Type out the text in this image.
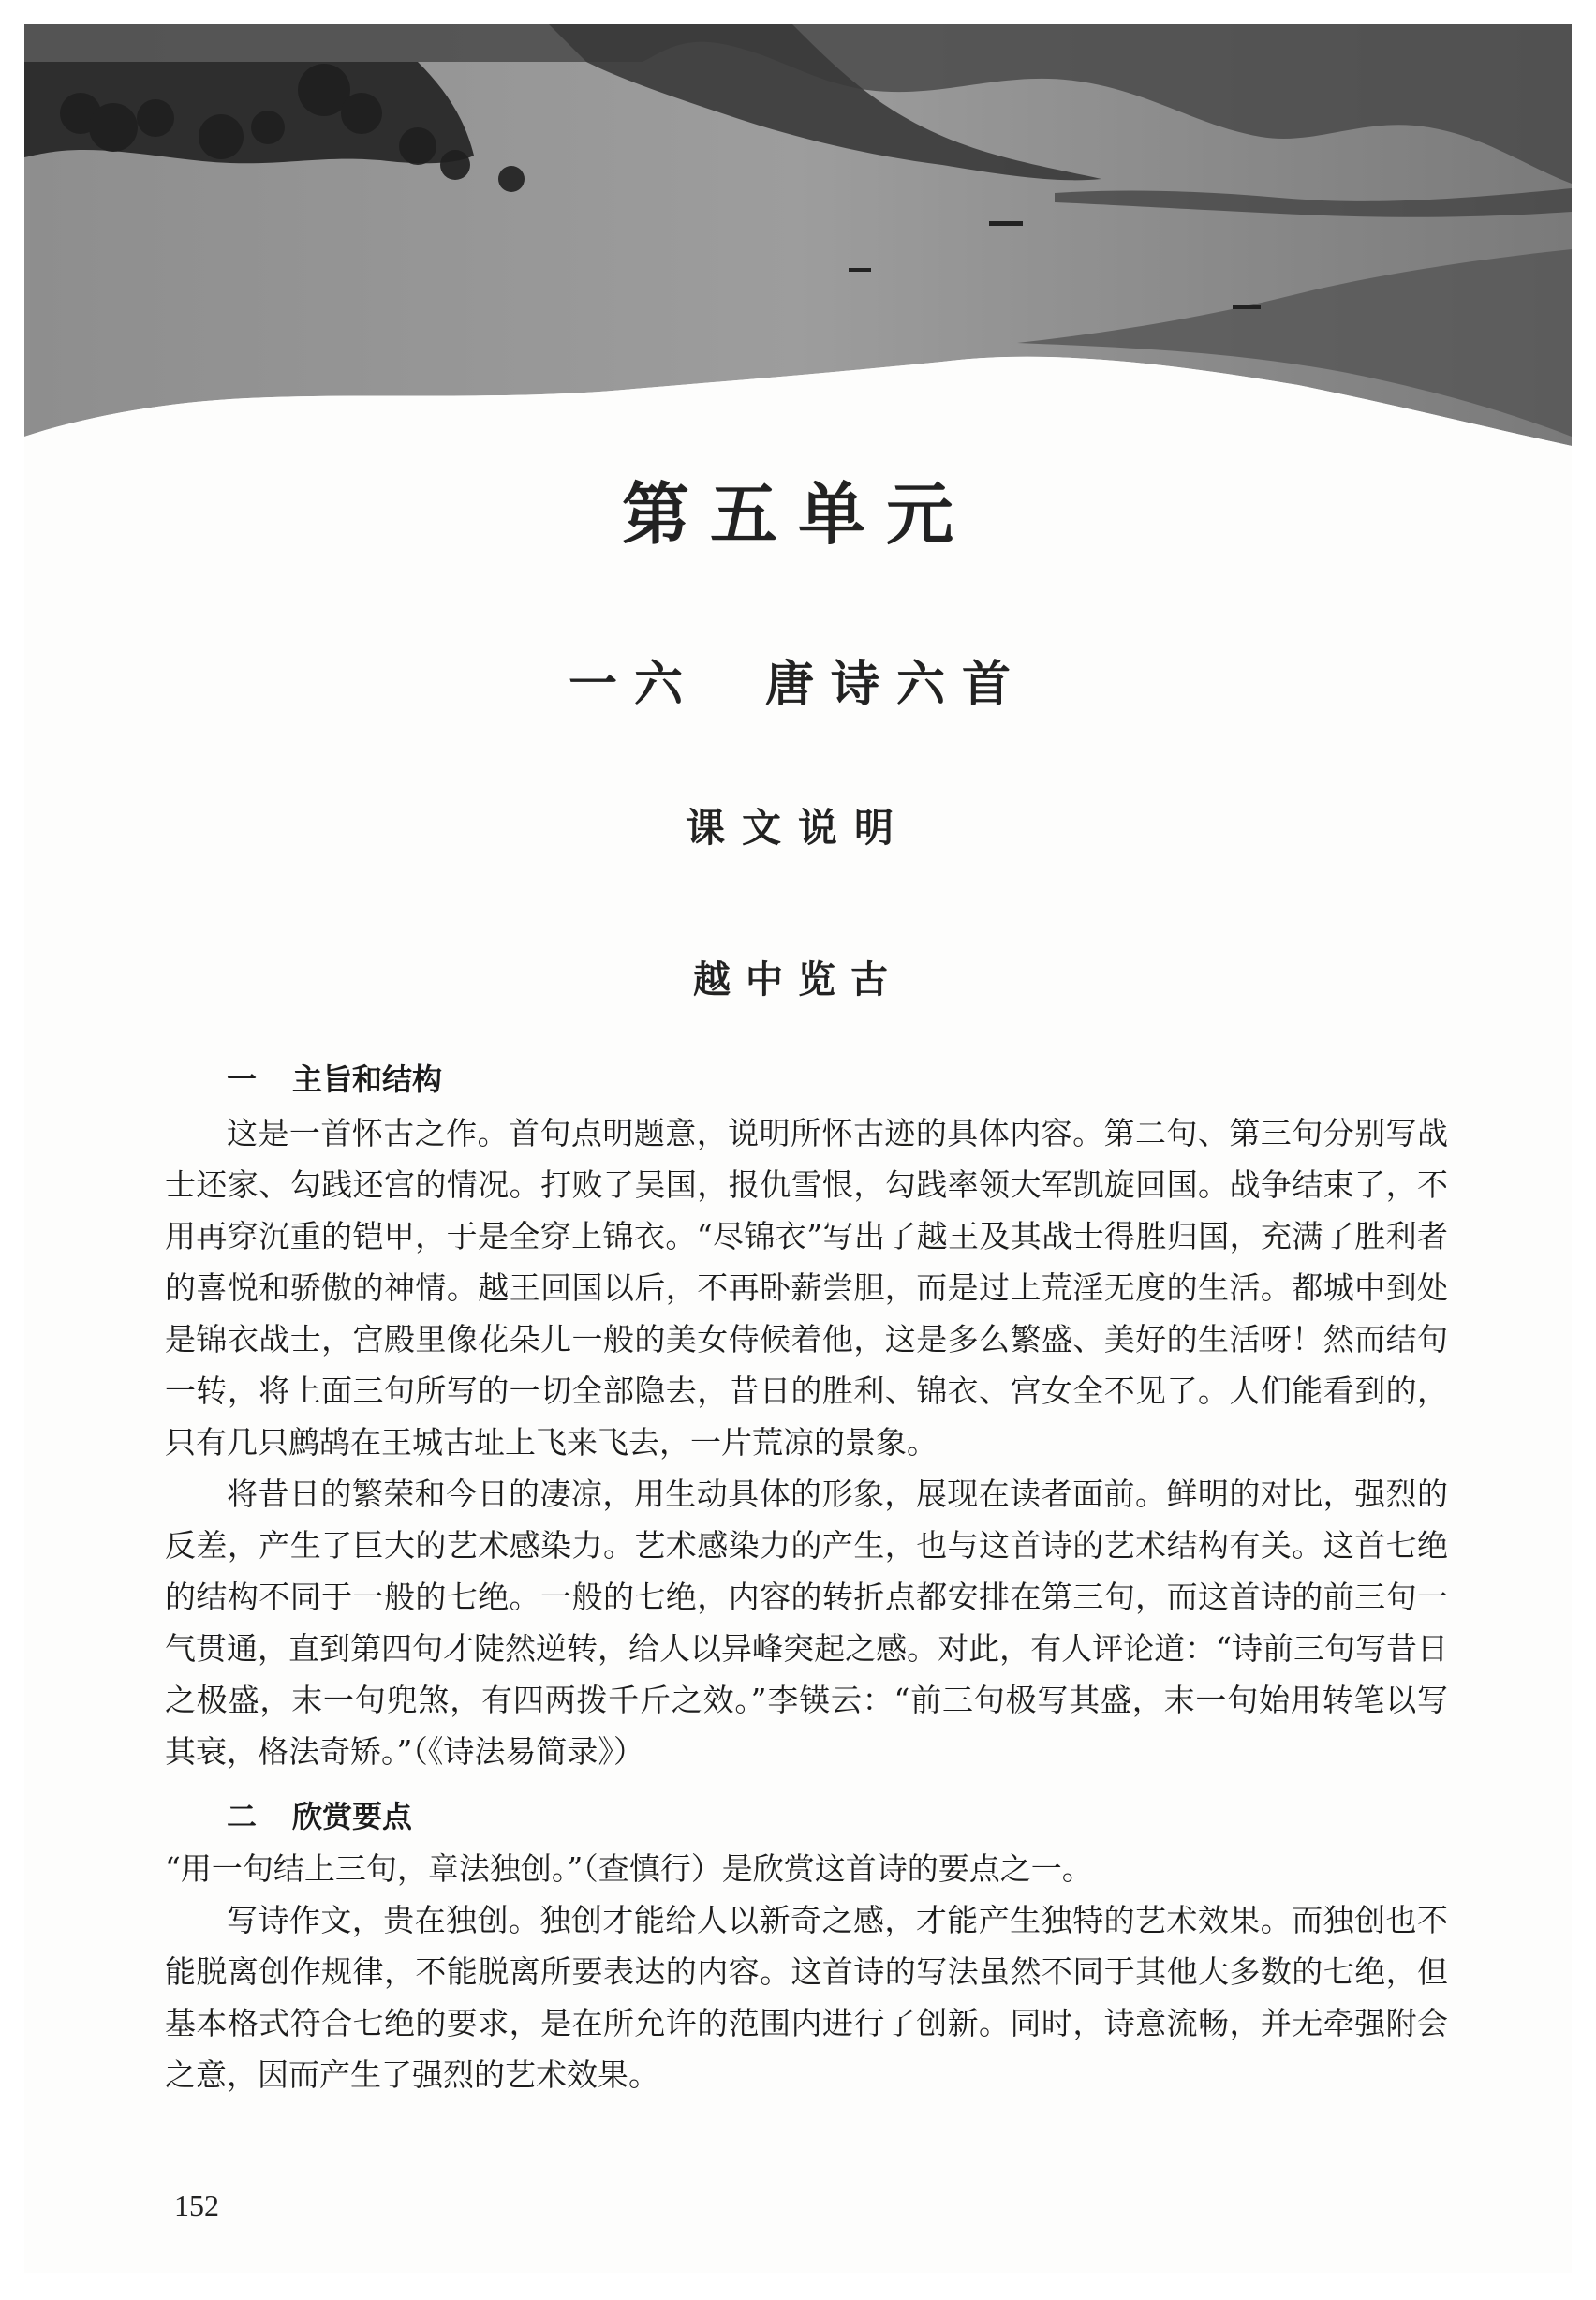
第五单元
一六　唐诗六首
课文说明
越中览古

一 主旨和结构

这是一首怀古之作。首句点明题意，说明所怀古迹的具体内容。第二句、第三句分别写战士还家、勾践还宫的情况。打败了吴国，报仇雪恨，勾践率领大军凯旋回国。战争结束了，不用再穿沉重的铠甲，于是全穿上锦衣。“尽锦衣”写出了越王及其战士得胜归国，充满了胜利者的喜悦和骄傲的神情。越王回国以后，不再卧薪尝胆，而是过上荒淫无度的生活。都城中到处是锦衣战士，宫殿里像花朵儿一般的美女侍候着他，这是多么繁盛、美好的生活呀！然而结句一转，将上面三句所写的一切全部隐去，昔日的胜利、锦衣、宫女全不见了。人们能看到的，只有几只鹧鸪在王城古址上飞来飞去，一片荒凉的景象。

将昔日的繁荣和今日的凄凉，用生动具体的形象，展现在读者面前。鲜明的对比，强烈的反差，产生了巨大的艺术感染力。艺术感染力的产生，也与这首诗的艺术结构有关。这首七绝的结构不同于一般的七绝。一般的七绝，内容的转折点都安排在第三句，而这首诗的前三句一气贯通，直到第四句才陡然逆转，给人以异峰突起之感。对此，有人评论道：“诗前三句写昔日之极盛，末一句兜煞，有四两拨千斤之效。”李锳云：“前三句极写其盛，末一句始用转笔以写其衰，格法奇矫。”（《诗法易简录》）

二 欣赏要点

“用一句结上三句，章法独创。”（查慎行）是欣赏这首诗的要点之一。

写诗作文，贵在独创。独创才能给人以新奇之感，才能产生独特的艺术效果。而独创也不能脱离创作规律，不能脱离所要表达的内容。这首诗的写法虽然不同于其他大多数的七绝，但基本格式符合七绝的要求，是在所允许的范围内进行了创新。同时，诗意流畅，并无牵强附会之意，因而产生了强烈的艺术效果。

152
